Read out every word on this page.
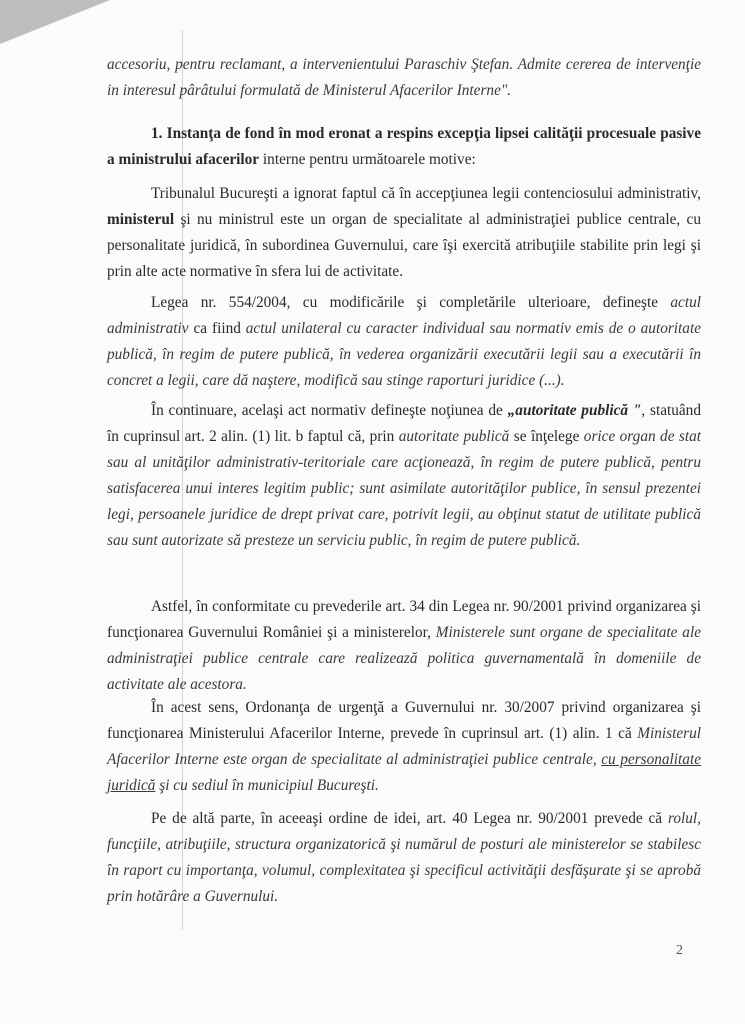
accesoriu, pentru reclamant, a intervenientului Paraschiv Ştefan. Admite cererea de intervenţie in interesul pârâtului formulată de Ministerul Afacerilor Interne".
1. Instanţa de fond în mod eronat a respins excepţia lipsei calităţii procesuale pasive a ministrului afacerilor interne pentru următoarele motive:
Tribunalul Bucureşti a ignorat faptul că în accepţiunea legii contenciosului administrativ, ministerul şi nu ministrul este un organ de specialitate al administraţiei publice centrale, cu personalitate juridică, în subordinea Guvernului, care îşi exercită atribuţiile stabilite prin legi şi prin alte acte normative în sfera lui de activitate.
Legea nr. 554/2004, cu modificările şi completările ulterioare, defineşte actul administrativ ca fiind actul unilateral cu caracter individual sau normativ emis de o autoritate publică, în regim de putere publică, în vederea organizării executării legii sau a executării în concret a legii, care dă naştere, modifică sau stinge raporturi juridice (...).
În continuare, acelaşi act normativ defineşte noţiunea de „autoritate publică ", statuând în cuprinsul art. 2 alin. (1) lit. b faptul că, prin autoritate publică se înţelege orice organ de stat sau al unităţilor administrativ-teritoriale care acţionează, în regim de putere publică, pentru satisfacerea unui interes legitim public; sunt asimilate autorităţilor publice, în sensul prezentei legi, persoanele juridice de drept privat care, potrivit legii, au obţinut statut de utilitate publică sau sunt autorizate să presteze un serviciu public, în regim de putere publică.
Astfel, în conformitate cu prevederile art. 34 din Legea nr. 90/2001 privind organizarea şi funcţionarea Guvernului României şi a ministerelor, Ministerele sunt organe de specialitate ale administraţiei publice centrale care realizează politica guvernamentală în domeniile de activitate ale acestora.
În acest sens, Ordonanţa de urgenţă a Guvernului nr. 30/2007 privind organizarea şi funcţionarea Ministerului Afacerilor Interne, prevede în cuprinsul art. (1) alin. 1 că Ministerul Afacerilor Interne este organ de specialitate al administraţiei publice centrale, cu personalitate juridică şi cu sediul în municipiul Bucureşti.
Pe de altă parte, în aceeaşi ordine de idei, art. 40 Legea nr. 90/2001 prevede că rolul, funcţiile, atribuţiile, structura organizatorică şi numărul de posturi ale ministerelor se stabilesc în raport cu importanţa, volumul, complexitatea şi specificul activităţii desfăşurate şi se aprobă prin hotărâre a Guvernului.
2
